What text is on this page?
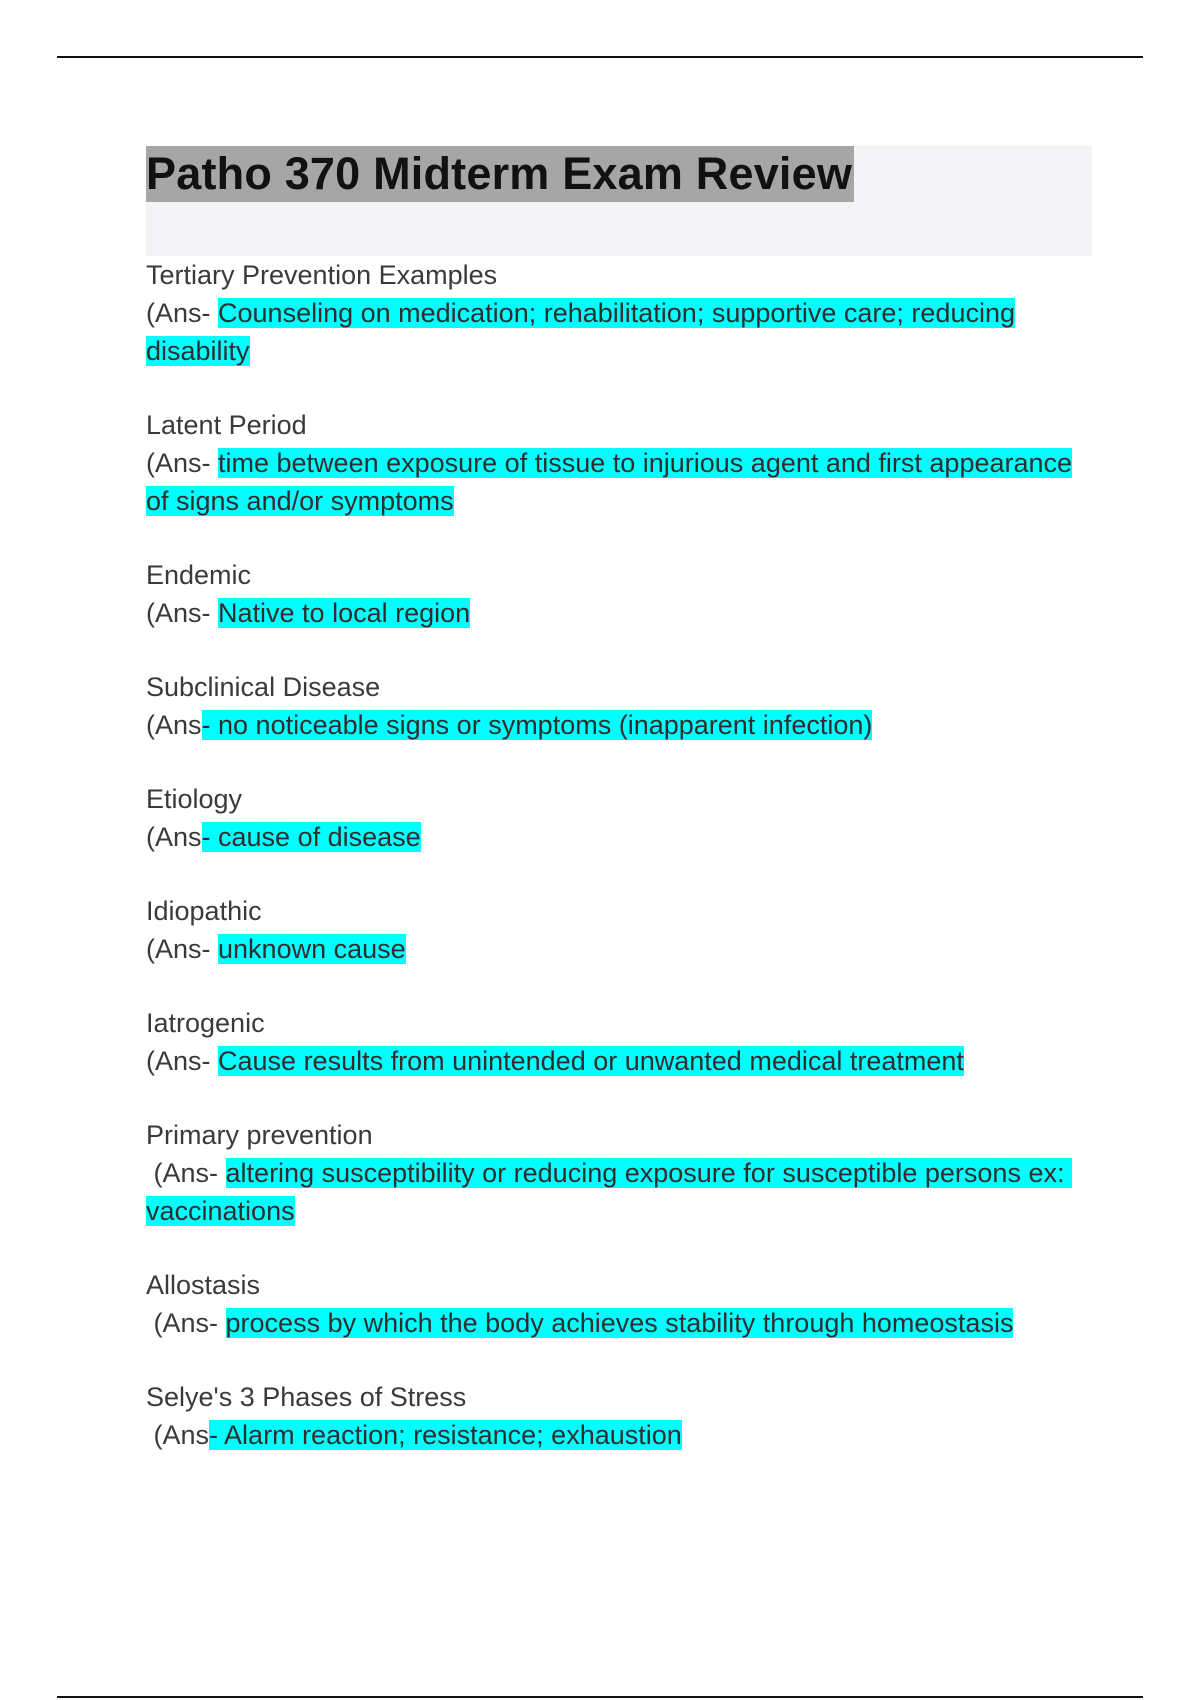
Patho 370 Midterm Exam Review
Tertiary Prevention Examples
(Ans- Counseling on medication; rehabilitation; supportive care; reducing disability
Latent Period
(Ans- time between exposure of tissue to injurious agent and first appearance of signs and/or symptoms
Endemic
(Ans- Native to local region
Subclinical Disease
(Ans- no noticeable signs or symptoms (inapparent infection)
Etiology
(Ans- cause of disease
Idiopathic
(Ans- unknown cause
Iatrogenic
(Ans- Cause results from unintended or unwanted medical treatment
Primary prevention
(Ans- altering susceptibility or reducing exposure for susceptible persons ex: vaccinations
Allostasis
(Ans- process by which the body achieves stability through homeostasis
Selye's 3 Phases of Stress
(Ans- Alarm reaction; resistance; exhaustion
